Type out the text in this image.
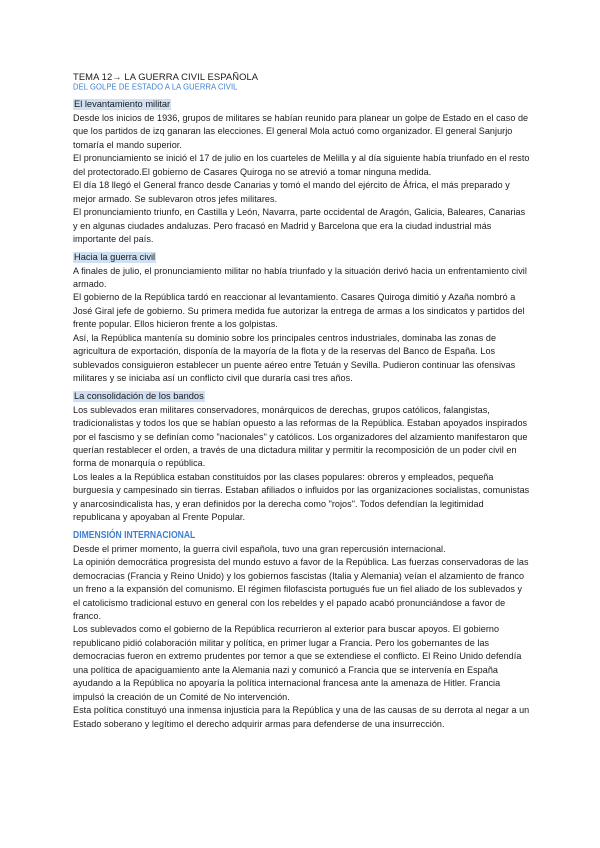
TEMA 12→ LA GUERRA CIVIL ESPAÑOLA
DEL GOLPE DE ESTADO A LA GUERRA CIVIL
El levantamiento militar

Desde los inicios de 1936, grupos de militares se habían reunido para planear un golpe de Estado en el caso de que los partidos de izq ganaran las elecciones. El general Mola actuó como organizador. El general Sanjurjo tomaría el mando superior.

El pronunciamiento se inició el 17 de julio en los cuarteles de Melilla y al día siguiente había triunfado en el resto del protectorado.El gobierno de Casares Quiroga no se atrevió a tomar ninguna medida.

El día 18 llegó el General franco desde Canarias y tomó el mando del ejército de África, el más preparado y mejor armado. Se sublevaron otros jefes militares.

El pronunciamiento triunfo, en Castilla y León, Navarra, parte occidental de Aragón, Galicia, Baleares, Canarias y en algunas ciudades andaluzas. Pero fracasó en Madrid y Barcelona que era la ciudad industrial más importante del país.

Hacia la guerra civil

A finales de julio, el pronunciamiento militar no había triunfado y la situación derivó hacia un enfrentamiento civil armado.

El gobierno de la República tardó en reaccionar al levantamiento. Casares Quiroga dimitió y Azaña nombró a José Giral jefe de gobierno. Su primera medida fue autorizar la entrega de armas a los sindicatos y partidos del frente popular. Ellos hicieron frente a los golpistas.

Así, la República mantenía su dominio sobre los principales centros industriales, dominaba las zonas de agricultura de exportación, disponía de la mayoría de la flota y de la reservas del Banco de España. Los sublevados consiguieron establecer un puente aéreo entre Tetuán y Sevilla. Pudieron continuar las ofensivas militares y se iniciaba así un conflicto civil que duraría casi tres años.

La consolidación de los bandos

Los sublevados eran militares conservadores, monárquicos de derechas, grupos católicos, falangistas, tradicionalistas y todos los que se habían opuesto a las reformas de la República. Estaban apoyados inspirados por el fascismo y se definían como "nacionales" y católicos. Los organizadores del alzamiento manifestaron que querían restablecer el orden, a través de una dictadura militar y permitir la recomposición de un poder civil en forma de monarquía o república.

Los leales a la República estaban constituidos por las clases populares: obreros y empleados, pequeña burguesía y campesinado sin tierras. Estaban afiliados o influidos por las organizaciones socialistas, comunistas y anarcosindicalista has, y eran definidos por la derecha como "rojos". Todos defendían la legitimidad republicana y apoyaban al Frente Popular.

DIMENSIÓN INTERNACIONAL

Desde el primer momento, la guerra civil española, tuvo una gran repercusión internacional.

La opinión democrática progresista del mundo estuvo a favor de la República. Las fuerzas conservadoras de las democracias (Francia y Reino Unido) y los gobiernos fascistas (Italia y Alemania) veían el alzamiento de franco un freno a la expansión del comunismo. El régimen filofascista portugués fue un fiel aliado de los sublevados y el catolicismo tradicional estuvo en general con los rebeldes y el papado acabó pronunciándose a favor de franco.

Los sublevados como el gobierno de la República recurrieron al exterior para buscar apoyos. El gobierno republicano pidió colaboración militar y política, en primer lugar a Francia. Pero los gobernantes de las democracias fueron en extremo prudentes por temor a que se extendiese el conflicto. El Reino Unido defendía una política de apaciguamiento ante la Alemania nazi y comunicó a Francia que se intervenía en España ayudando a la República no apoyaría la política internacional francesa ante la amenaza de Hitler. Francia impulsó la creación de un Comité de No intervención.

Esta política constituyó una inmensa injusticia para la República y una de las causas de su derrota al negar a un Estado soberano y legítimo el derecho adquirir armas para defenderse de una insurrección.
